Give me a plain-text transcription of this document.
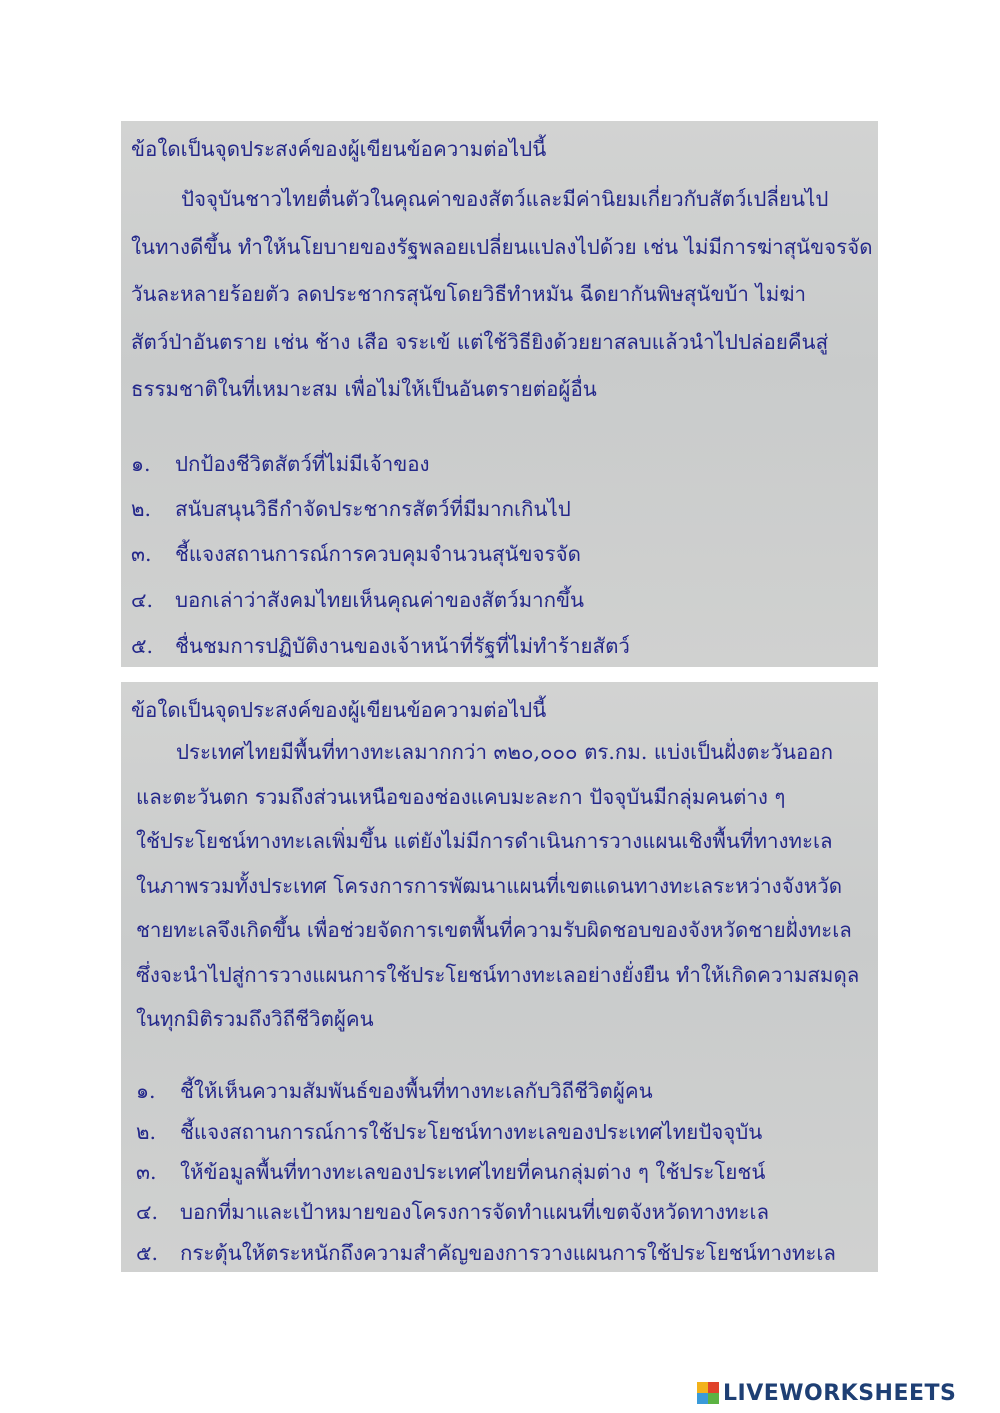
ข้อใดเป็นจุดประสงค์ของผู้เขียนข้อความต่อไปนี้
ปัจจุบันชาวไทยตื่นตัวในคุณค่าของสัตว์และมีค่านิยมเกี่ยวกับสัตว์เปลี่ยนไป
ในทางดีขึ้น ทำให้นโยบายของรัฐพลอยเปลี่ยนแปลงไปด้วย เช่น ไม่มีการฆ่าสุนัขจรจัด
วันละหลายร้อยตัว ลดประชากรสุนัขโดยวิธีทำหมัน ฉีดยากันพิษสุนัขบ้า ไม่ฆ่า
สัตว์ป่าอันตราย เช่น ช้าง เสือ จระเข้ แต่ใช้วิธียิงด้วยยาสลบแล้วนำไปปล่อยคืนสู่
ธรรมชาติในที่เหมาะสม เพื่อไม่ให้เป็นอันตรายต่อผู้อื่น
๑. ปกป้องชีวิตสัตว์ที่ไม่มีเจ้าของ
๒. สนับสนุนวิธีกำจัดประชากรสัตว์ที่มีมากเกินไป
๓. ชี้แจงสถานการณ์การควบคุมจำนวนสุนัขจรจัด
๔. บอกเล่าว่าสังคมไทยเห็นคุณค่าของสัตว์มากขึ้น
๕. ชื่นชมการปฏิบัติงานของเจ้าหน้าที่รัฐที่ไม่ทำร้ายสัตว์
ข้อใดเป็นจุดประสงค์ของผู้เขียนข้อความต่อไปนี้
ประเทศไทยมีพื้นที่ทางทะเลมากกว่า ๓๒๐,๐๐๐ ตร.กม. แบ่งเป็นฝั่งตะวันออก
และตะวันตก รวมถึงส่วนเหนือของช่องแคบมะละกา ปัจจุบันมีกลุ่มคนต่าง ๆ
ใช้ประโยชน์ทางทะเลเพิ่มขึ้น แต่ยังไม่มีการดำเนินการวางแผนเชิงพื้นที่ทางทะเล
ในภาพรวมทั้งประเทศ โครงการการพัฒนาแผนที่เขตแดนทางทะเลระหว่างจังหวัด
ชายทะเลจึงเกิดขึ้น เพื่อช่วยจัดการเขตพื้นที่ความรับผิดชอบของจังหวัดชายฝั่งทะเล
ซึ่งจะนำไปสู่การวางแผนการใช้ประโยชน์ทางทะเลอย่างยั่งยืน ทำให้เกิดความสมดุล
ในทุกมิติรวมถึงวิถีชีวิตผู้คน
๑. ชี้ให้เห็นความสัมพันธ์ของพื้นที่ทางทะเลกับวิถีชีวิตผู้คน
๒. ชี้แจงสถานการณ์การใช้ประโยชน์ทางทะเลของประเทศไทยปัจจุบัน
๓. ให้ข้อมูลพื้นที่ทางทะเลของประเทศไทยที่คนกลุ่มต่าง ๆ ใช้ประโยชน์
๔. บอกที่มาและเป้าหมายของโครงการจัดทำแผนที่เขตจังหวัดทางทะเล
๕. กระตุ้นให้ตระหนักถึงความสำคัญของการวางแผนการใช้ประโยชน์ทางทะเล
LIVEWORKSHEETS
